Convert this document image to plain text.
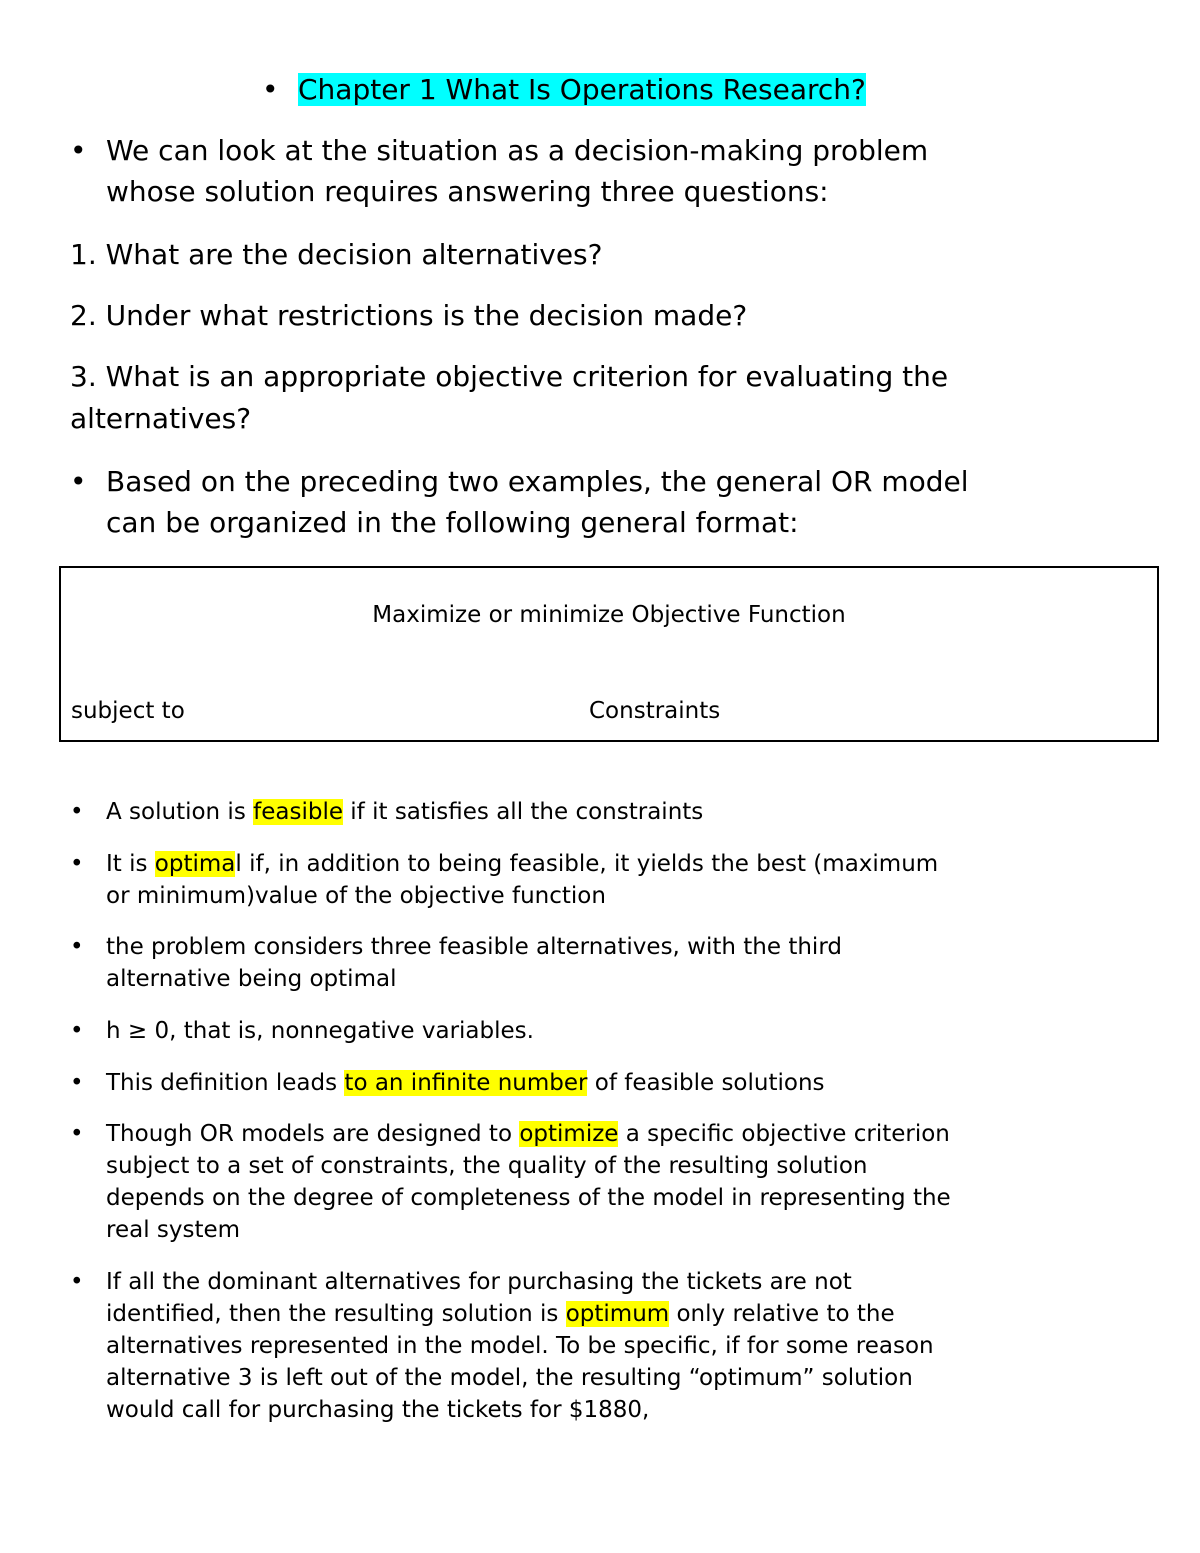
• Chapter 1 What Is Operations Research?
• We can look at the situation as a decision-making problem
whose solution requires answering three questions:
1. What are the decision alternatives?
2. Under what restrictions is the decision made?
3. What is an appropriate objective criterion for evaluating the
alternatives?
• Based on the preceding two examples, the general OR model
can be organized in the following general format:
Maximize or minimize Objective Function
subject to	Constraints
• A solution is feasible if it satisfies all the constraints
• It is optimal if, in addition to being feasible, it yields the best (maximum
or minimum)value of the objective function
• the problem considers three feasible alternatives, with the third
alternative being optimal
• h ≥ 0, that is, nonnegative variables.
• This definition leads to an infinite number of feasible solutions
• Though OR models are designed to optimize a specific objective criterion
subject to a set of constraints, the quality of the resulting solution
depends on the degree of completeness of the model in representing the
real system
• If all the dominant alternatives for purchasing the tickets are not
identified, then the resulting solution is optimum only relative to the
alternatives represented in the model. To be specific, if for some reason
alternative 3 is left out of the model, the resulting “optimum” solution
would call for purchasing the tickets for $1880,
